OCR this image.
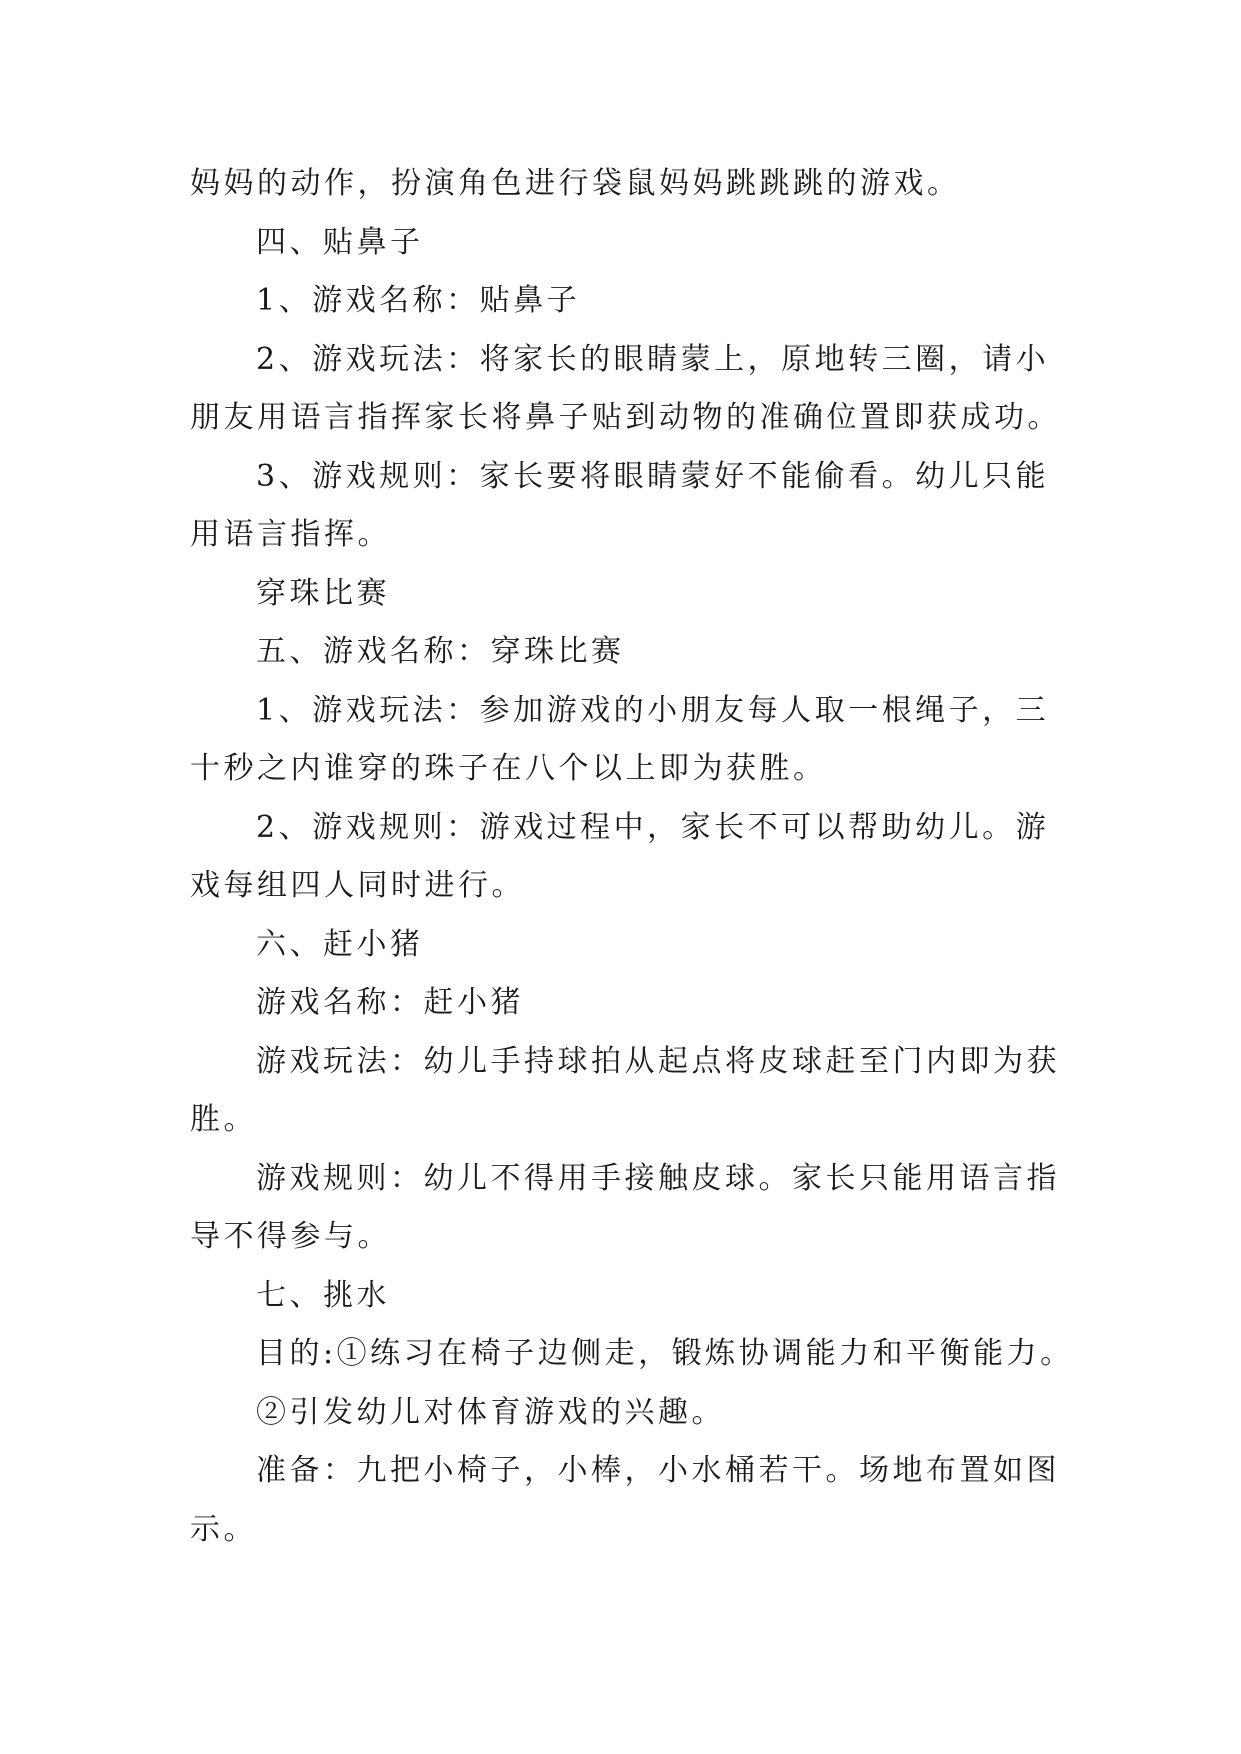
妈妈的动作，扮演角色进行袋鼠妈妈跳跳跳的游戏。
四、贴鼻子
1、游戏名称：贴鼻子
2、游戏玩法：将家长的眼睛蒙上，原地转三圈，请小
朋友用语言指挥家长将鼻子贴到动物的准确位置即获成功。
3、游戏规则：家长要将眼睛蒙好不能偷看。幼儿只能
用语言指挥。
穿珠比赛
五、游戏名称：穿珠比赛
1、游戏玩法：参加游戏的小朋友每人取一根绳子，三
十秒之内谁穿的珠子在八个以上即为获胜。
2、游戏规则：游戏过程中，家长不可以帮助幼儿。游
戏每组四人同时进行。
六、赶小猪
游戏名称：赶小猪
游戏玩法：幼儿手持球拍从起点将皮球赶至门内即为获
胜。
游戏规则：幼儿不得用手接触皮球。家长只能用语言指
导不得参与。
七、挑水
目的:①练习在椅子边侧走，锻炼协调能力和平衡能力。
②引发幼儿对体育游戏的兴趣。
准备：九把小椅子，小棒，小水桶若干。场地布置如图
示。
